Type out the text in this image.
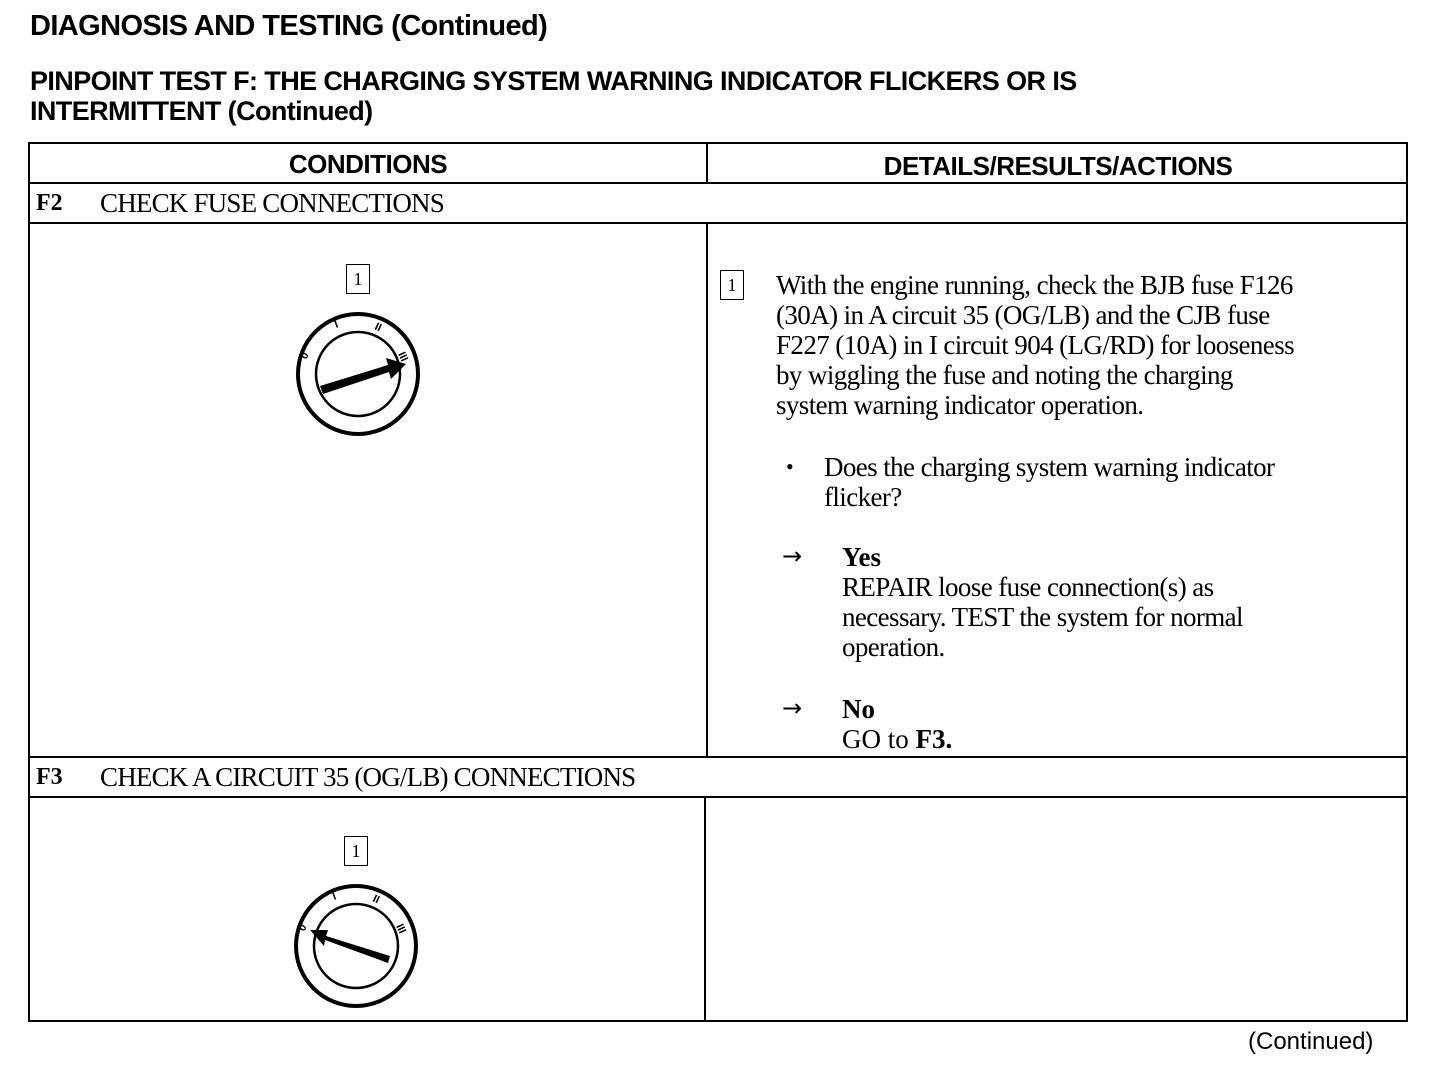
DIAGNOSIS AND TESTING (Continued)
PINPOINT TEST F: THE CHARGING SYSTEM WARNING INDICATOR FLICKERS OR IS
INTERMITTENT (Continued)
CONDITIONS	DETAILS/RESULTS/ACTIONS
F2	CHECK FUSE CONNECTIONS
1
0
I	II
III
1 With the engine running, check the BJB fuse F126
(30A) in A circuit 35 (OG/LB) and the CJB fuse
F227 (10A) in I circuit 904 (LG/RD) for looseness
by wiggling the fuse and noting the charging
system warning indicator operation.
• Does the charging system warning indicator
flicker?
→ Yes
REPAIR loose fuse connection(s) as
necessary. TEST the system for normal
operation.
→ No
GO to F3.
F3	CHECK A CIRCUIT 35 (OG/LB) CONNECTIONS
1
0
I	II
III
(Continued)
